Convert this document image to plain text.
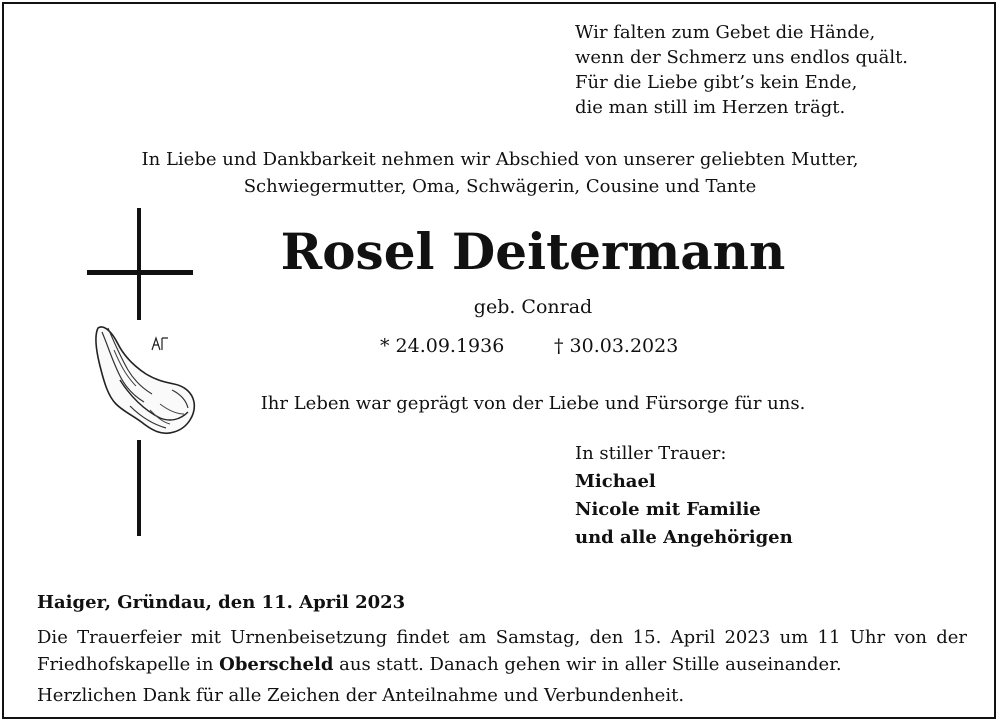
Wir falten zum Gebet die Hände,
wenn der Schmerz uns endlos quält.
Für die Liebe gibt’s kein Ende,
die man still im Herzen trägt.
In Liebe und Dankbarkeit nehmen wir Abschied von unserer geliebten Mutter,
Schwiegermutter, Oma, Schwägerin, Cousine und Tante
Rosel Deitermann
geb. Conrad
* 24.09.1936	† 30.03.2023
Ihr Leben war geprägt von der Liebe und Fürsorge für uns.
In stiller Trauer:
Michael
Nicole mit Familie
und alle Angehörigen
Haiger, Gründau, den 11. April 2023
Die Trauerfeier mit Urnenbeisetzung findet am Samstag, den 15. April 2023 um 11 Uhr von der Friedhofskapelle in Oberscheld aus statt. Danach gehen wir in aller Stille auseinander.
Herzlichen Dank für alle Zeichen der Anteilnahme und Verbundenheit.
